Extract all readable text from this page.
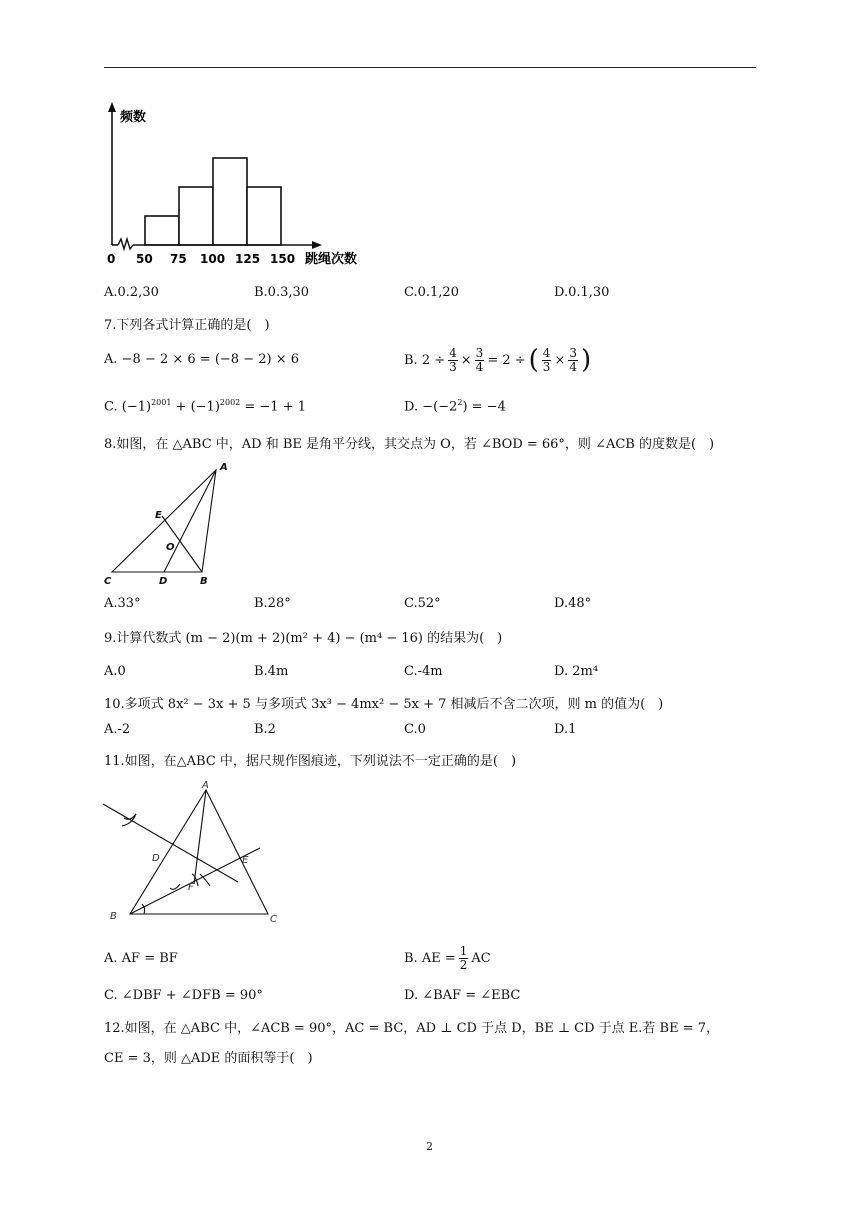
频数
0 50 75 100 125 150 跳绳次数
A.0.2,30	B.0.3,30	C.0.1,20	D.0.1,30
7.下列各式计算正确的是(　)
A. −8 − 2 × 6 = (−8 − 2) × 6	B. $2 \div \frac{4}{3} \times \frac{3}{4} = 2$ ÷ ( $\frac{4}{3} \times \frac{3}{4}$ )
C. $(-1)^{2001} + (-1)^{2002} = -1 + 1$	D. $-(-2^2) = -4$
8.如图，在 △ABC 中，AD 和 BE 是角平分线，其交点为 O，若 ∠BOD = 66°，则 ∠ACB 的度数是(　)
A
B
C	D
E
O
A.33°	B.28°	C.52°	D.48°
9.计算代数式 (m − 2)(m + 2)(m² + 4) − (m⁴ − 16) 的结果为(　)
A.0	B.4m	C.-4m	D. 2m⁴
10.多项式 8x² − 3x + 5 与多项式 3x³ − 4mx² − 5x + 7 相减后不含二次项，则 m 的值为(　)
A.-2	B.2	C.0	D.1
11.如图，在△ABC 中，据尺规作图痕迹，下列说法不一定正确的是(　)
A
B	C
D	E
F
A. AF = BF	B. AE = $\frac{1}{2}$ AC
C. ∠DBF + ∠DFB = 90°	D. ∠BAF = ∠EBC
12.如图，在 △ABC 中，∠ACB = 90°，AC = BC，AD ⊥ CD 于点 D，BE ⊥ CD 于点 E.若 BE = 7，
CE = 3，则 △ADE 的面积等于(　)
2
